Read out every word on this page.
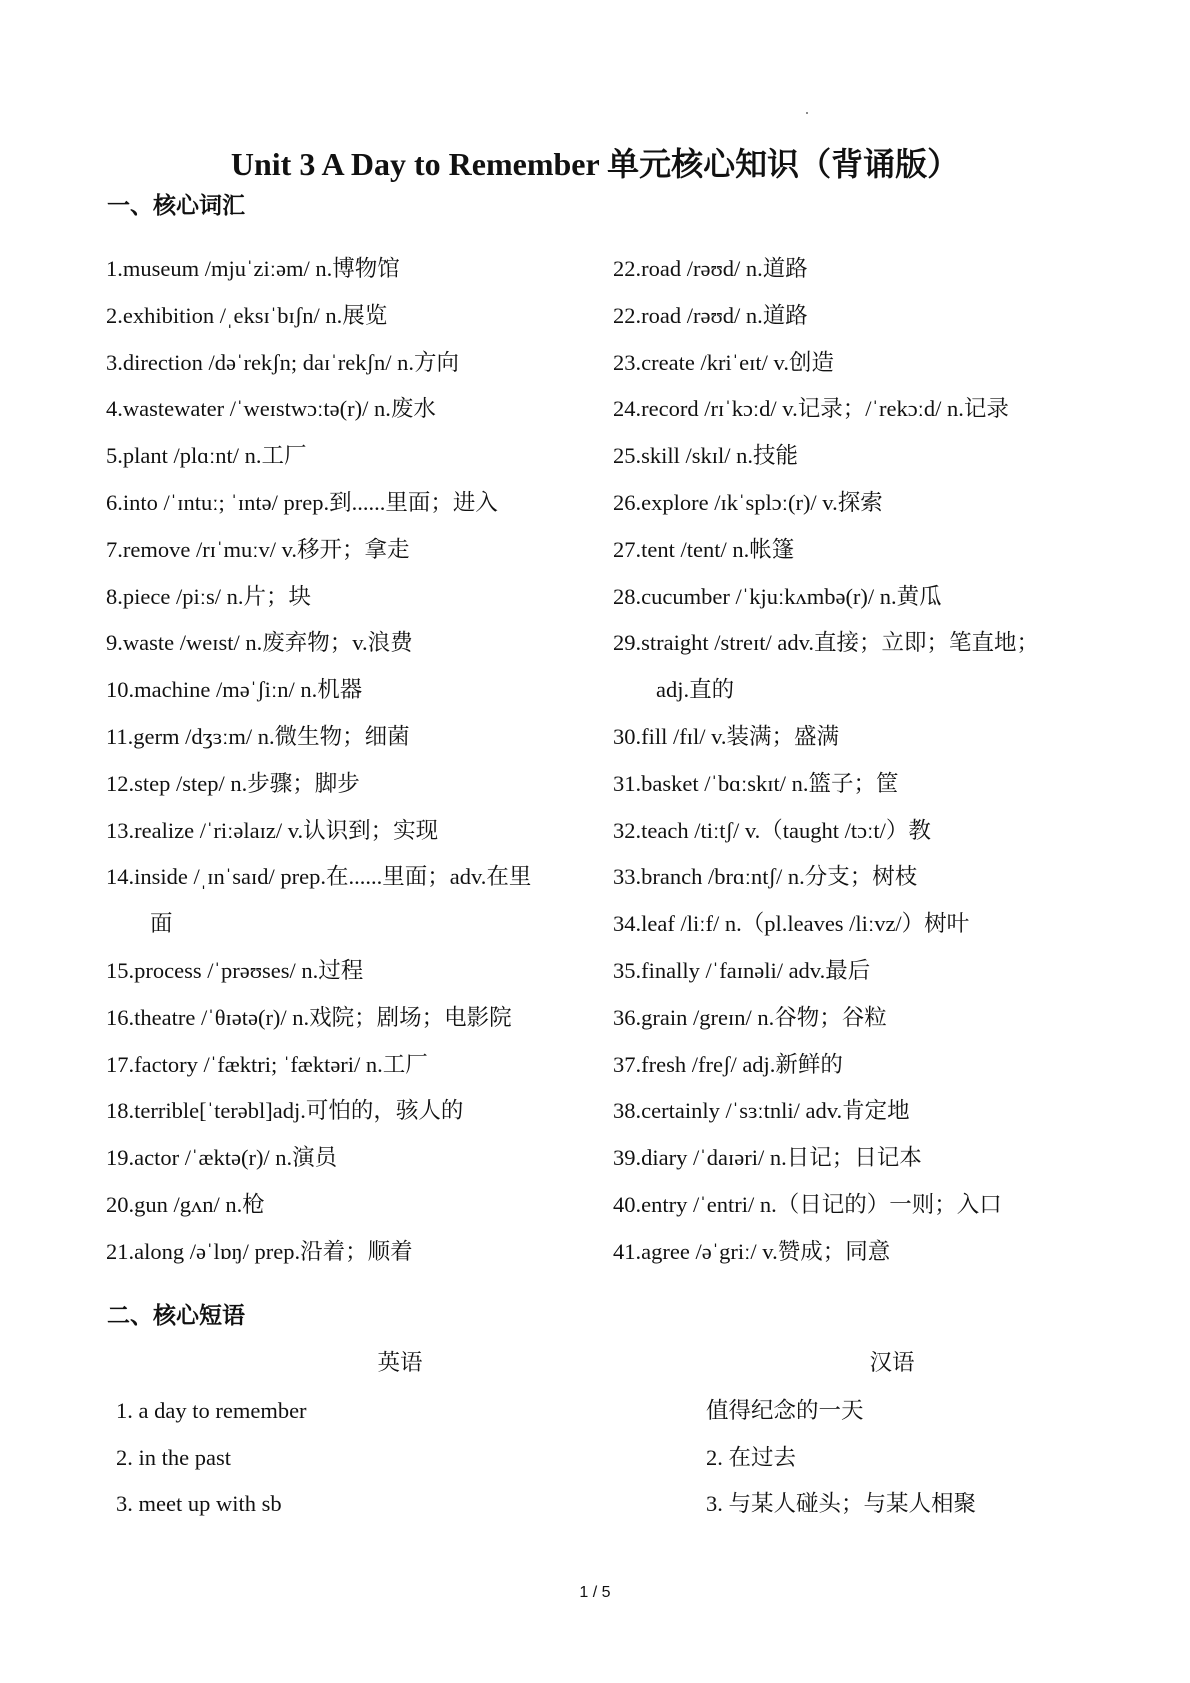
Unit 3 A Day to Remember 单元核心知识（背诵版）
一、核心词汇
1.museum /mjuˈziːəm/ n.博物馆
2.exhibition /ˌeksɪˈbɪʃn/ n.展览
3.direction /dəˈrekʃn; daɪˈrekʃn/ n.方向
4.wastewater /ˈweɪstwɔːtə(r)/ n.废水
5.plant /plɑːnt/ n.工厂
6.into /ˈɪntuː; ˈɪntə/ prep.到......里面；进入
7.remove /rɪˈmuːv/ v.移开；拿走
8.piece /piːs/ n.片；块
9.waste /weɪst/ n.废弃物；v.浪费
10.machine /məˈʃiːn/ n.机器
11.germ /dʒɜːm/ n.微生物；细菌
12.step /step/ n.步骤；脚步
13.realize /ˈriːəlaɪz/ v.认识到；实现
14.inside /ˌɪnˈsaɪd/ prep.在......里面；adv.在里
面
15.process /ˈprəʊses/ n.过程
16.theatre /ˈθɪətə(r)/ n.戏院；剧场；电影院
17.factory /ˈfæktri; ˈfæktəri/ n.工厂
18.terrible[ˈterəbl]adj.可怕的，骇人的
19.actor /ˈæktə(r)/ n.演员
20.gun /gʌn/ n.枪
21.along /əˈlɒŋ/ prep.沿着；顺着
22.road /rəʊd/ n.道路
22.road /rəʊd/ n.道路
23.create /kriˈeɪt/ v.创造
24.record /rɪˈkɔːd/ v.记录；/ˈrekɔːd/ n.记录
25.skill /skɪl/ n.技能
26.explore /ɪkˈsplɔː(r)/ v.探索
27.tent /tent/ n.帐篷
28.cucumber /ˈkjuːkʌmbə(r)/ n.黄瓜
29.straight /streɪt/ adv.直接；立即；笔直地；
adj.直的
30.fill /fɪl/ v.装满；盛满
31.basket /ˈbɑːskɪt/ n.篮子；筐
32.teach /tiːtʃ/ v.（taught /tɔːt/）教
33.branch /brɑːntʃ/ n.分支；树枝
34.leaf /liːf/ n.（pl.leaves /liːvz/）树叶
35.finally /ˈfaɪnəli/ adv.最后
36.grain /greɪn/ n.谷物；谷粒
37.fresh /freʃ/ adj.新鲜的
38.certainly /ˈsɜːtnli/ adv.肯定地
39.diary /ˈdaɪəri/ n.日记；日记本
40.entry /ˈentri/ n.（日记的）一则；入口
41.agree /əˈgriː/ v.赞成；同意
二、核心短语
英语	汉语
1. a day to remember
2. in the past
3. meet up with sb
值得纪念的一天
2. 在过去
3. 与某人碰头；与某人相聚
1 / 5
